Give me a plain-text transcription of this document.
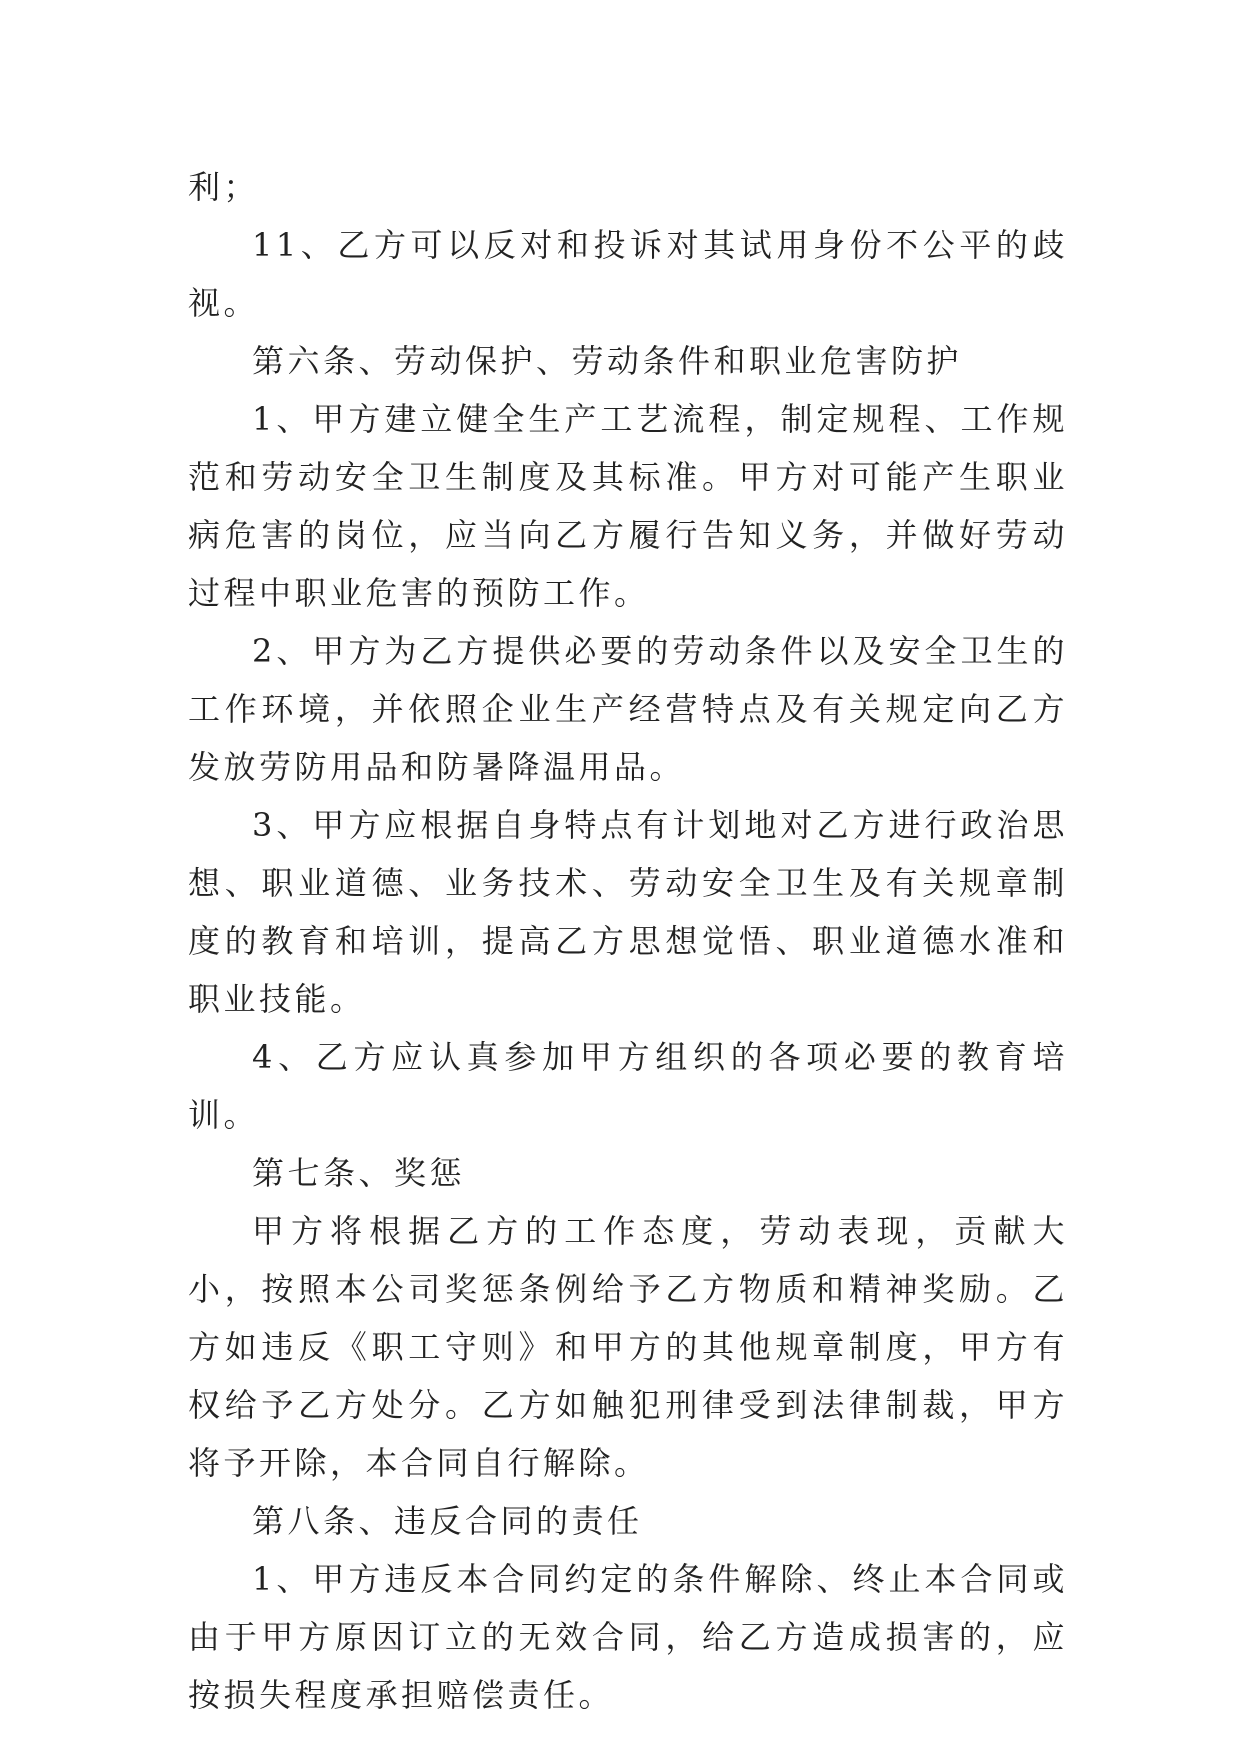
利；

11、乙方可以反对和投诉对其试用身份不公平的歧视。

第六条、劳动保护、劳动条件和职业危害防护

1、甲方建立健全生产工艺流程，制定规程、工作规范和劳动安全卫生制度及其标准。甲方对可能产生职业病危害的岗位，应当向乙方履行告知义务，并做好劳动过程中职业危害的预防工作。

2、甲方为乙方提供必要的劳动条件以及安全卫生的工作环境，并依照企业生产经营特点及有关规定向乙方发放劳防用品和防暑降温用品。

3、甲方应根据自身特点有计划地对乙方进行政治思想、职业道德、业务技术、劳动安全卫生及有关规章制度的教育和培训，提高乙方思想觉悟、职业道德水准和职业技能。

4、乙方应认真参加甲方组织的各项必要的教育培训。

第七条、奖惩

甲方将根据乙方的工作态度，劳动表现，贡献大小，按照本公司奖惩条例给予乙方物质和精神奖励。乙方如违反《职工守则》和甲方的其他规章制度，甲方有权给予乙方处分。乙方如触犯刑律受到法律制裁，甲方将予开除，本合同自行解除。

第八条、违反合同的责任

1、甲方违反本合同约定的条件解除、终止本合同或由于甲方原因订立的无效合同，给乙方造成损害的，应按损失程度承担赔偿责任。
